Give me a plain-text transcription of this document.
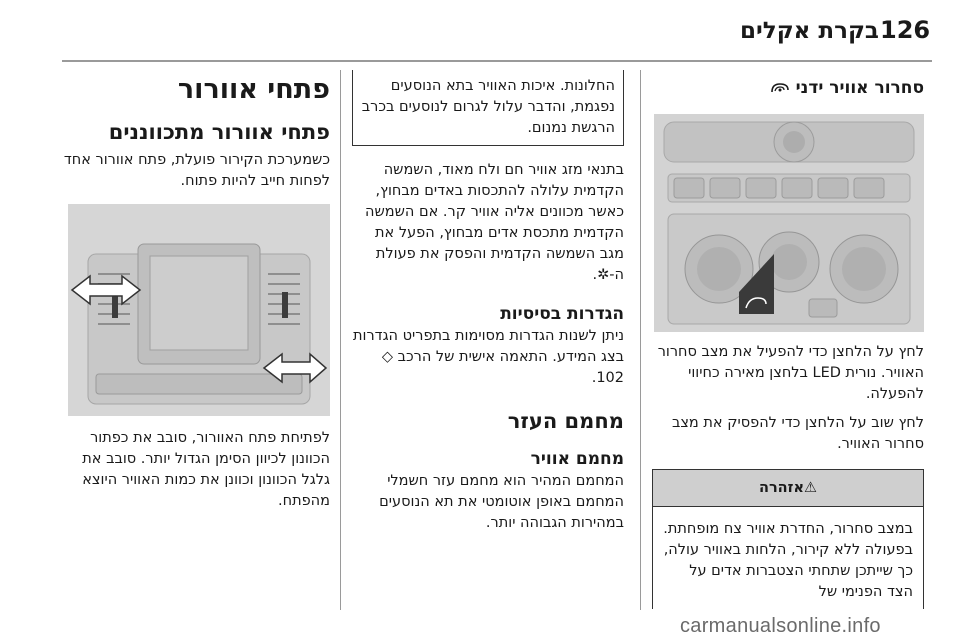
בקרת אקלים 126
סחרור אוויר ידני

לחץ על הלחצן כדי להפעיל את מצב סחרור האוויר. נורית LED בלחצן מאירה כחיווי להפעלה.

לחץ שוב על הלחצן כדי להפסיק את מצב סחרור האוויר.

⚠אזהרה

במצב סחרור, החדרת אוויר צח מופחתת. בפעולה ללא קירור, הלחות באוויר עולה, כך שייתכן שתחתי הצטברות אדים על הצד הפנימי של

החלונות. איכות האוויר בתא הנוסעים נפגמת, והדבר עלול לגרום לנוסעים בכרב הרגשת נמנום.

בתנאי מזג אוויר חם ולח מאוד, השמשה הקדמית עלולה להתכסות באדים מבחוץ, כאשר מכוונים אליה אוויר קר. אם השמשה הקדמית מתכסת אדים מבחוץ, הפעל את מגב השמשה הקדמית והפסק את פעולת ה-✲.

הגדרות בסיסיות

ניתן לשנות הגדרות מסוימות בתפריט הגדרות בצג המידע. התאמה אישית של הרכב ◇ 102.

מחמם העזר

מחמם אוויר

המחמם המהיר הוא מחמם עזר חשמלי המחמם באופן אוטומטי את תא הנוסעים במהירות הגבוהה יותר.

פתחי אוורור

פתחי אוורור מתכווננים

כשמערכת הקירור פועלת, פתח אוורור אחד לפחות חייב להיות פתוח.

לפתיחת פתח האוורור, סובב את כפתור הכוונון לכיוון הסימן הגדול יותר. סובב את גלגל הכוונון וכוונן את כמות האוויר היוצא מהפתח.

carmanualsonline.info
